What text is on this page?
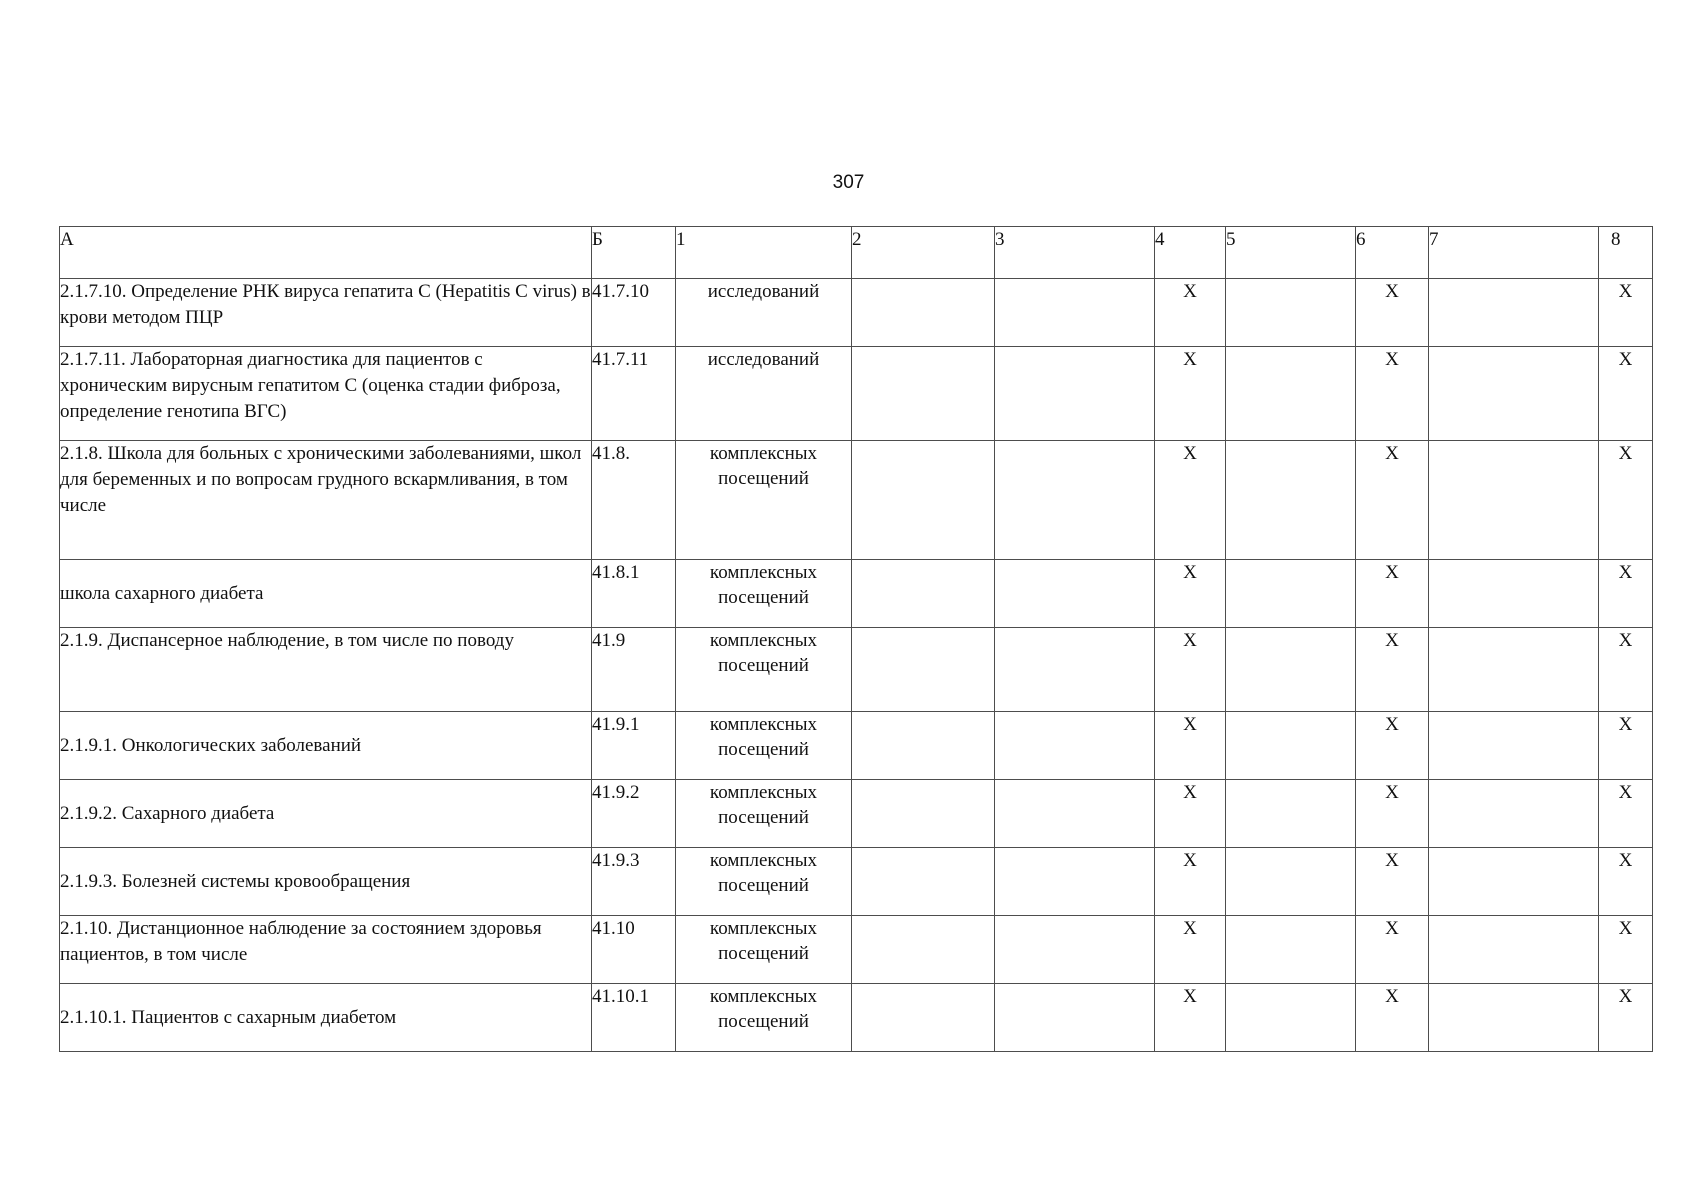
307
А	Б	1	2	3	4	5	6	7	8
2.1.7.10. Определение РНК вируса гепатита С (Hepatitis C virus) в крови методом ПЦР	41.7.10	исследований			Х		Х		Х
2.1.7.11. Лабораторная диагностика для пациентов с хроническим вирусным гепатитом С (оценка стадии фиброза, определение генотипа ВГС)	41.7.11	исследований			Х		Х		Х
2.1.8. Школа для больных с хроническими заболеваниями, школ для беременных и по вопросам грудного вскармливания, в том числе	41.8.	комплексных посещений			Х		Х		Х
школа сахарного диабета	41.8.1	комплексных посещений			Х		Х		Х
2.1.9. Диспансерное наблюдение, в том числе по поводу	41.9	комплексных посещений			Х		Х		Х
2.1.9.1. Онкологических заболеваний	41.9.1	комплексных посещений			Х		Х		Х
2.1.9.2. Сахарного диабета	41.9.2	комплексных посещений			Х		Х		Х
2.1.9.3. Болезней системы кровообращения	41.9.3	комплексных посещений			Х		Х		Х
2.1.10. Дистанционное наблюдение за состоянием здоровья пациентов, в том числе	41.10	комплексных посещений			Х		Х		Х
2.1.10.1. Пациентов с сахарным диабетом	41.10.1	комплексных посещений			Х		Х		Х
